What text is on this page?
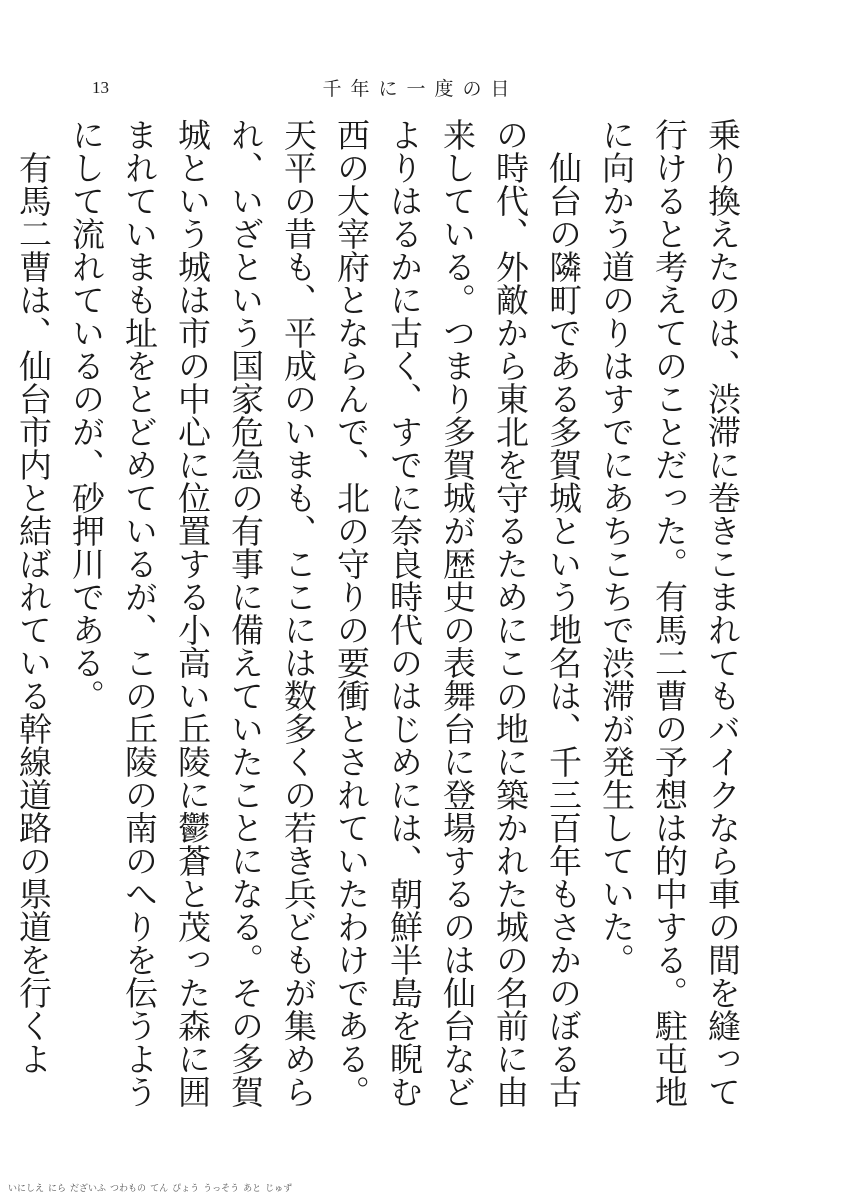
13	千年に一度の日

乗り換えたのは、渋滞に巻きこまれてもバイクなら車の間を縫って行けると考えてのことだった。有馬二曹の予想は的中する。駐屯地に向かう道のりはすでにあちこちで渋滞が発生していた。

仙台の隣町である多賀城という地名は、千三百年もさかのぼる古の時代、外敵から東北を守るためにこの地に築かれた城の名前に由来している。つまり多賀城が歴史の表舞台に登場するのは仙台などよりはるかに古く、すでに奈良時代のはじめには、朝鮮半島を睨む西の大宰府とならんで、北の守りの要衝とされていたわけである。天平の昔も、平成のいまも、ここには数多くの若き兵どもが集められ、いざという国家危急の有事に備えていたことになる。その多賀城という城は市の中心に位置する小高い丘陵に鬱蒼と茂った森に囲まれていまも址をとどめているが、この丘陵の南のへりを伝うようにして流れているのが、砂押川である。

有馬二曹は、仙台市内と結ばれている幹線道路の県道を行くよ　

いにしえ にら だざいふ つわもの てん ぴょう うっそう あと じゅず
